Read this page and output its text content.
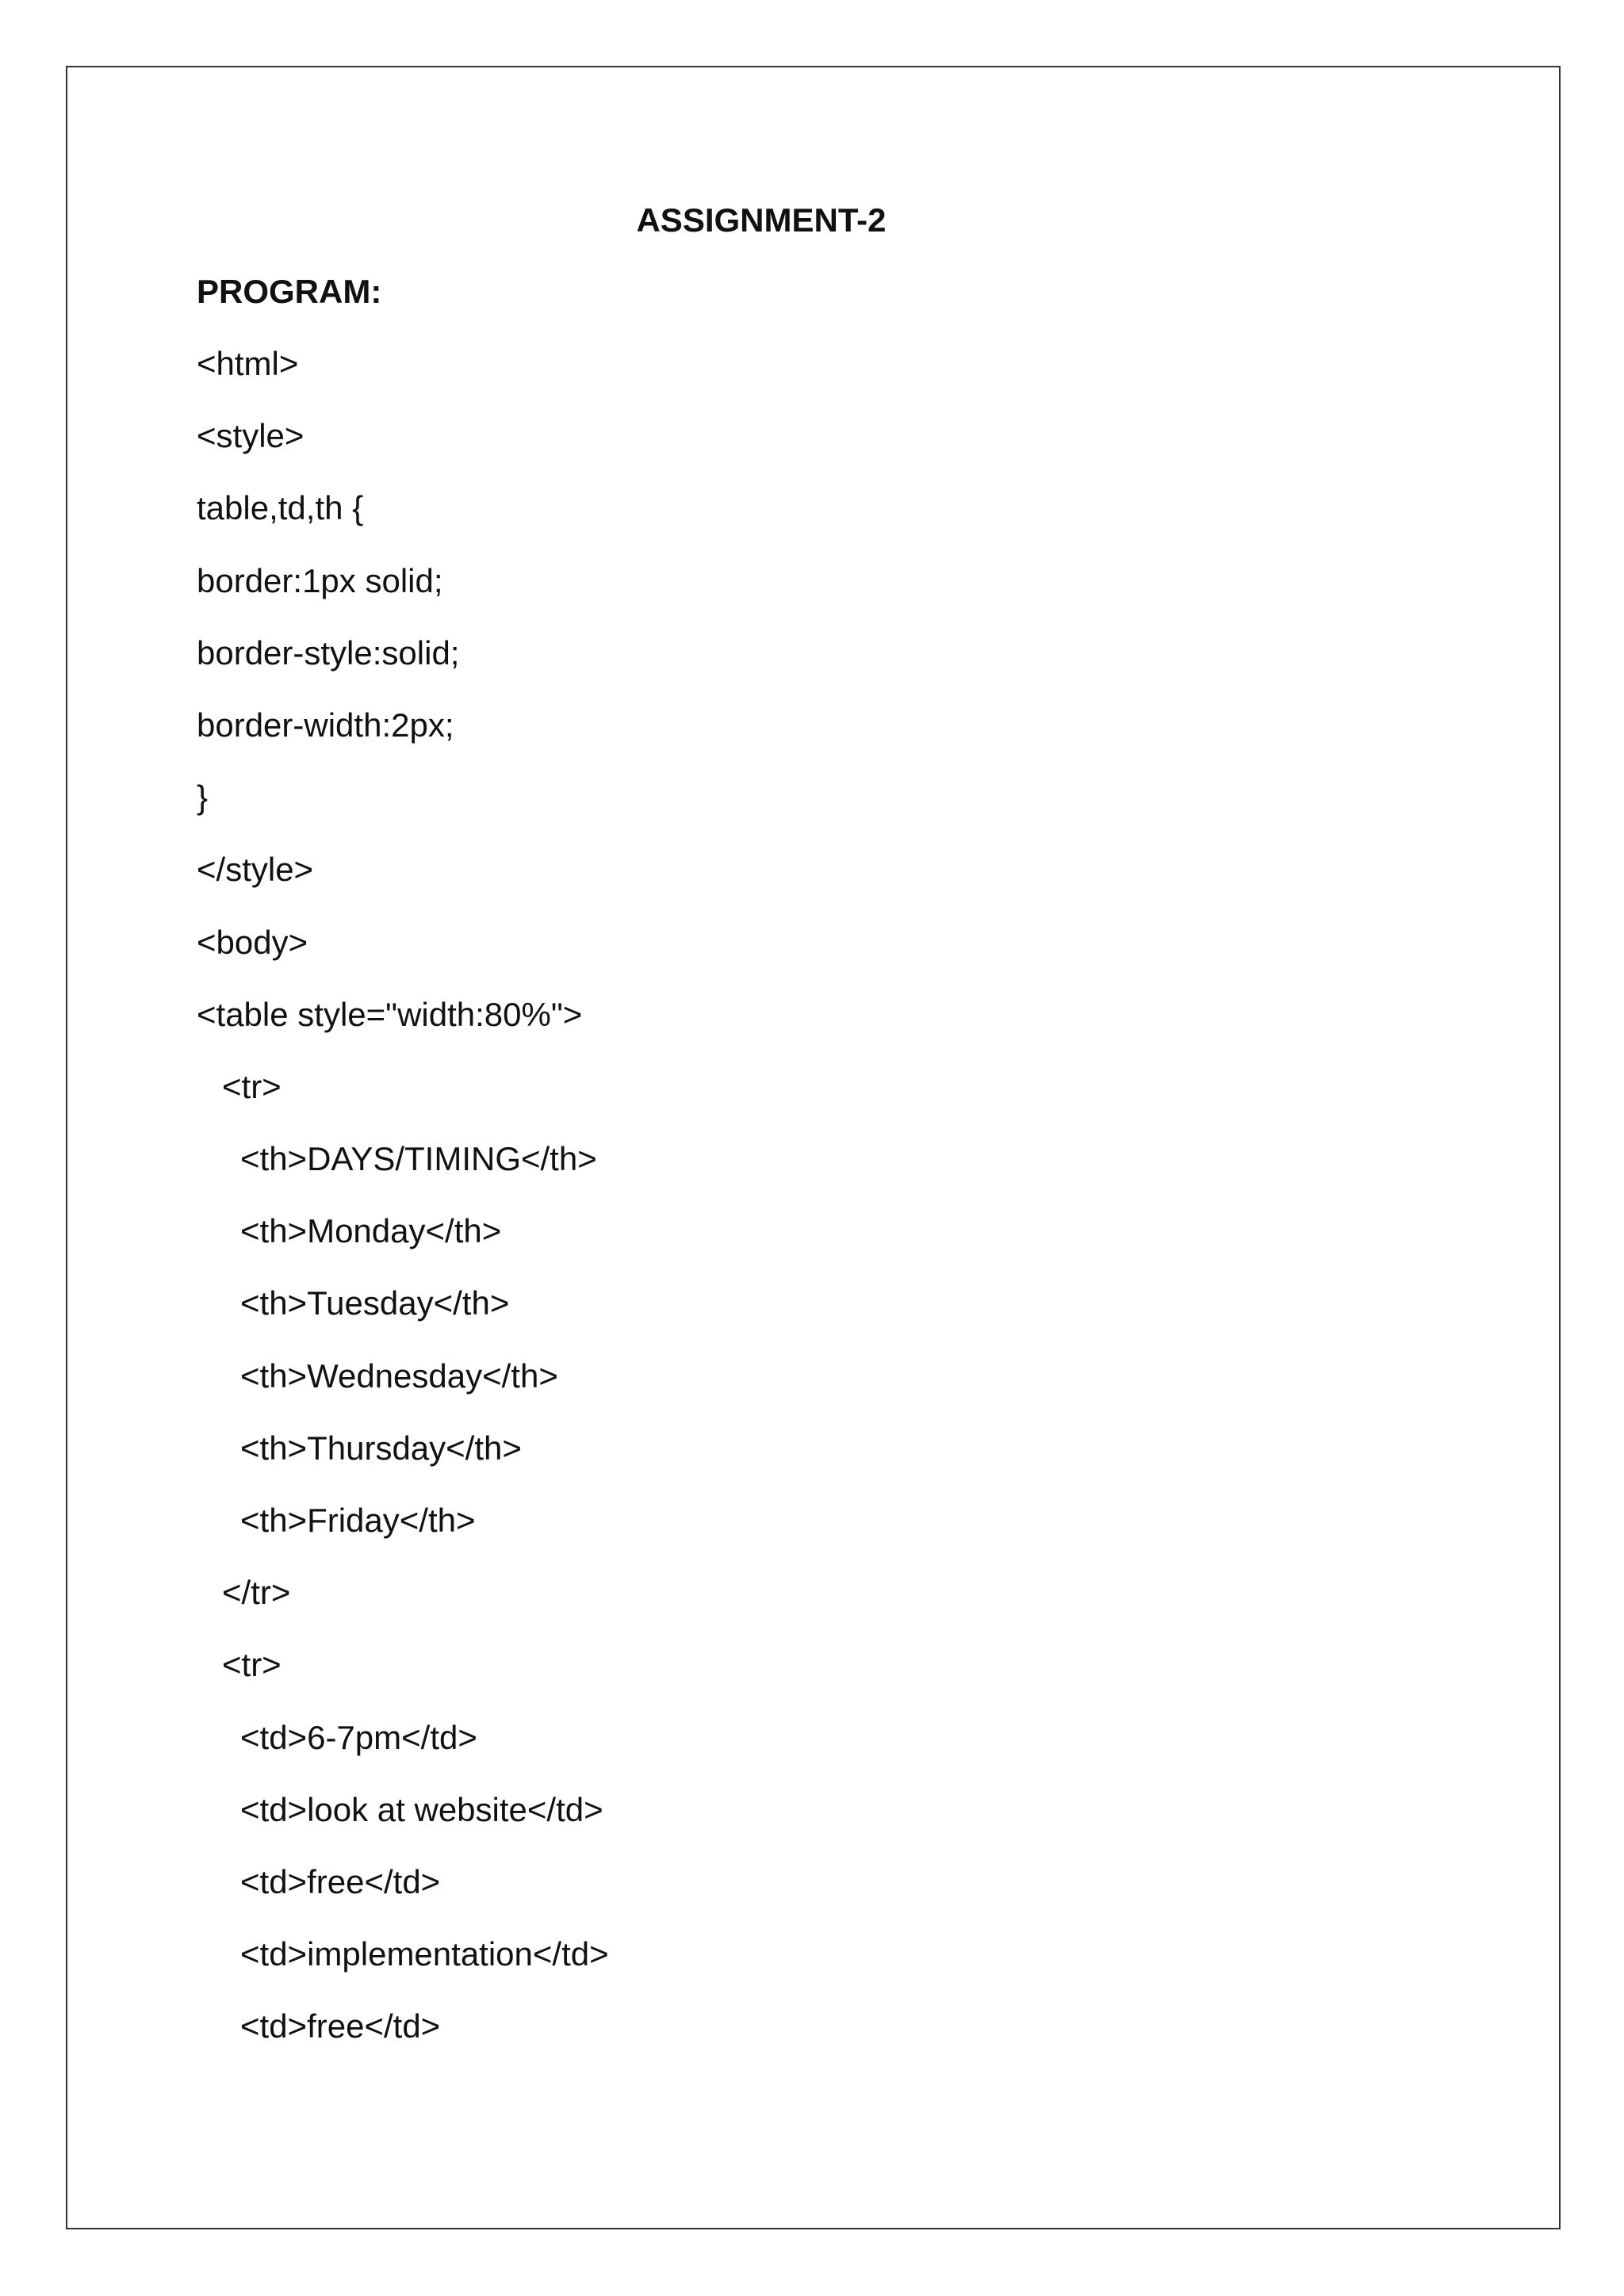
ASSIGNMENT-2
PROGRAM:
<html>
<style>
table,td,th {
border:1px solid;
border-style:solid;
border-width:2px;
}
</style>
<body>
<table style="width:80%">
<tr>
<th>DAYS/TIMING</th>
<th>Monday</th>
<th>Tuesday</th>
<th>Wednesday</th>
<th>Thursday</th>
<th>Friday</th>
</tr>
<tr>
<td>6-7pm</td>
<td>look at website</td>
<td>free</td>
<td>implementation</td>
<td>free</td>
